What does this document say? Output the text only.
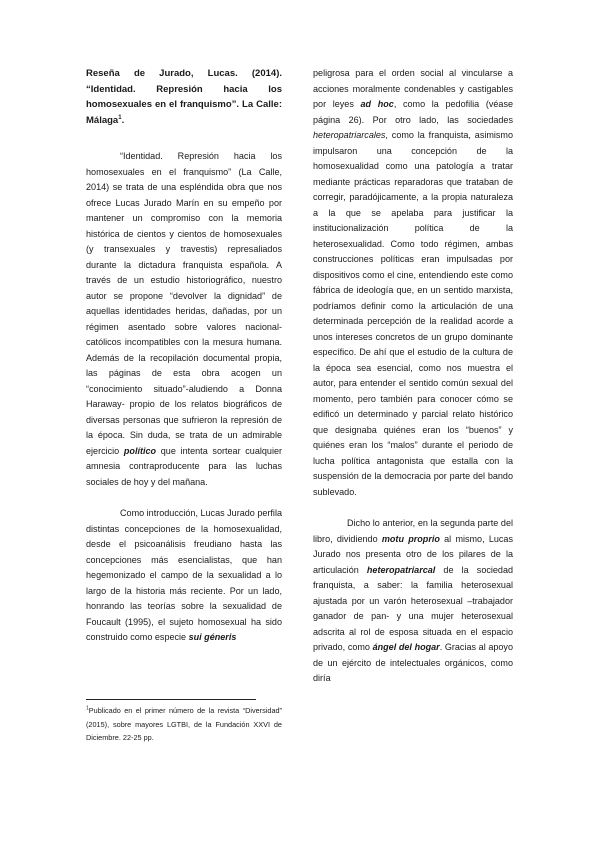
Reseña de Jurado, Lucas. (2014). “Identidad. Represión hacia los homosexuales en el franquismo”. La Calle: Málaga$^1$.

“Identidad. Represión hacia los homosexuales en el franquismo” (La Calle, 2014) se trata de una espléndida obra que nos ofrece Lucas Jurado Marín en su empeño por mantener un compromiso con la memoria histórica de cientos y cientos de homosexuales (y transexuales y travestis) represaliados durante la dictadura franquista española. A través de un estudio historiográfico, nuestro autor se propone “devolver la dignidad” de aquellas identidades heridas, dañadas, por un régimen asentado sobre valores nacional-católicos incompatibles con la mesura humana. Además de la recopilación documental propia, las páginas de esta obra acogen un “conocimiento situado”-aludiendo a Donna Haraway- propio de los relatos biográficos de diversas personas que sufrieron la represión de la época. Sin duda, se trata de un admirable ejercicio político que intenta sortear cualquier amnesia contraproducente para las luchas sociales de hoy y del mañana.

Como introducción, Lucas Jurado perfila distintas concepciones de la homosexualidad, desde el psicoanálisis freudiano hasta las concepciones más esencialistas, que han hegemonizado el campo de la sexualidad a lo largo de la historia más reciente. Por un lado, honrando las teorías sobre la sexualidad de Foucault (1995), el sujeto homosexual ha sido construido como especie sui géneris

peligrosa para el orden social al vincularse a acciones moralmente condenables y castigables por leyes ad hoc, como la pedofilia (véase página 26). Por otro lado, las sociedades heteropatriarcales, como la franquista, asimismo impulsaron una concepción de la homosexualidad como una patología a tratar mediante prácticas reparadoras que trataban de corregir, paradójicamente, a la propia naturaleza a la que se apelaba para justificar la institucionalización política de la heterosexualidad. Como todo régimen, ambas construcciones políticas eran impulsadas por dispositivos como el cine, entendiendo este como fábrica de ideología que, en un sentido marxista, podríamos definir como la articulación de una determinada percepción de la realidad acorde a unos intereses concretos de un grupo dominante específico. De ahí que el estudio de la cultura de la época sea esencial, como nos muestra el autor, para entender el sentido común sexual del momento, pero también para conocer cómo se edificó un determinado y parcial relato histórico que designaba quiénes eran los “buenos” y quiénes eran los “malos” durante el periodo de lucha política antagonista que estalla con la suspensión de la democracia por parte del bando sublevado.

Dicho lo anterior, en la segunda parte del libro, dividiendo motu proprio al mismo, Lucas Jurado nos presenta otro de los pilares de la articulación heteropatriarcal de la sociedad franquista, a saber: la familia heterosexual ajustada por un varón heterosexual –trabajador ganador de pan- y una mujer heterosexual adscrita al rol de esposa situada en el espacio privado, como ángel del hogar. Gracias al apoyo de un ejército de intelectuales orgánicos, como diría

$^1$Publicado en el primer número de la revista “Diversidad” (2015), sobre mayores LGTBI, de la Fundación XXVI de Diciembre. 22-25 pp.
